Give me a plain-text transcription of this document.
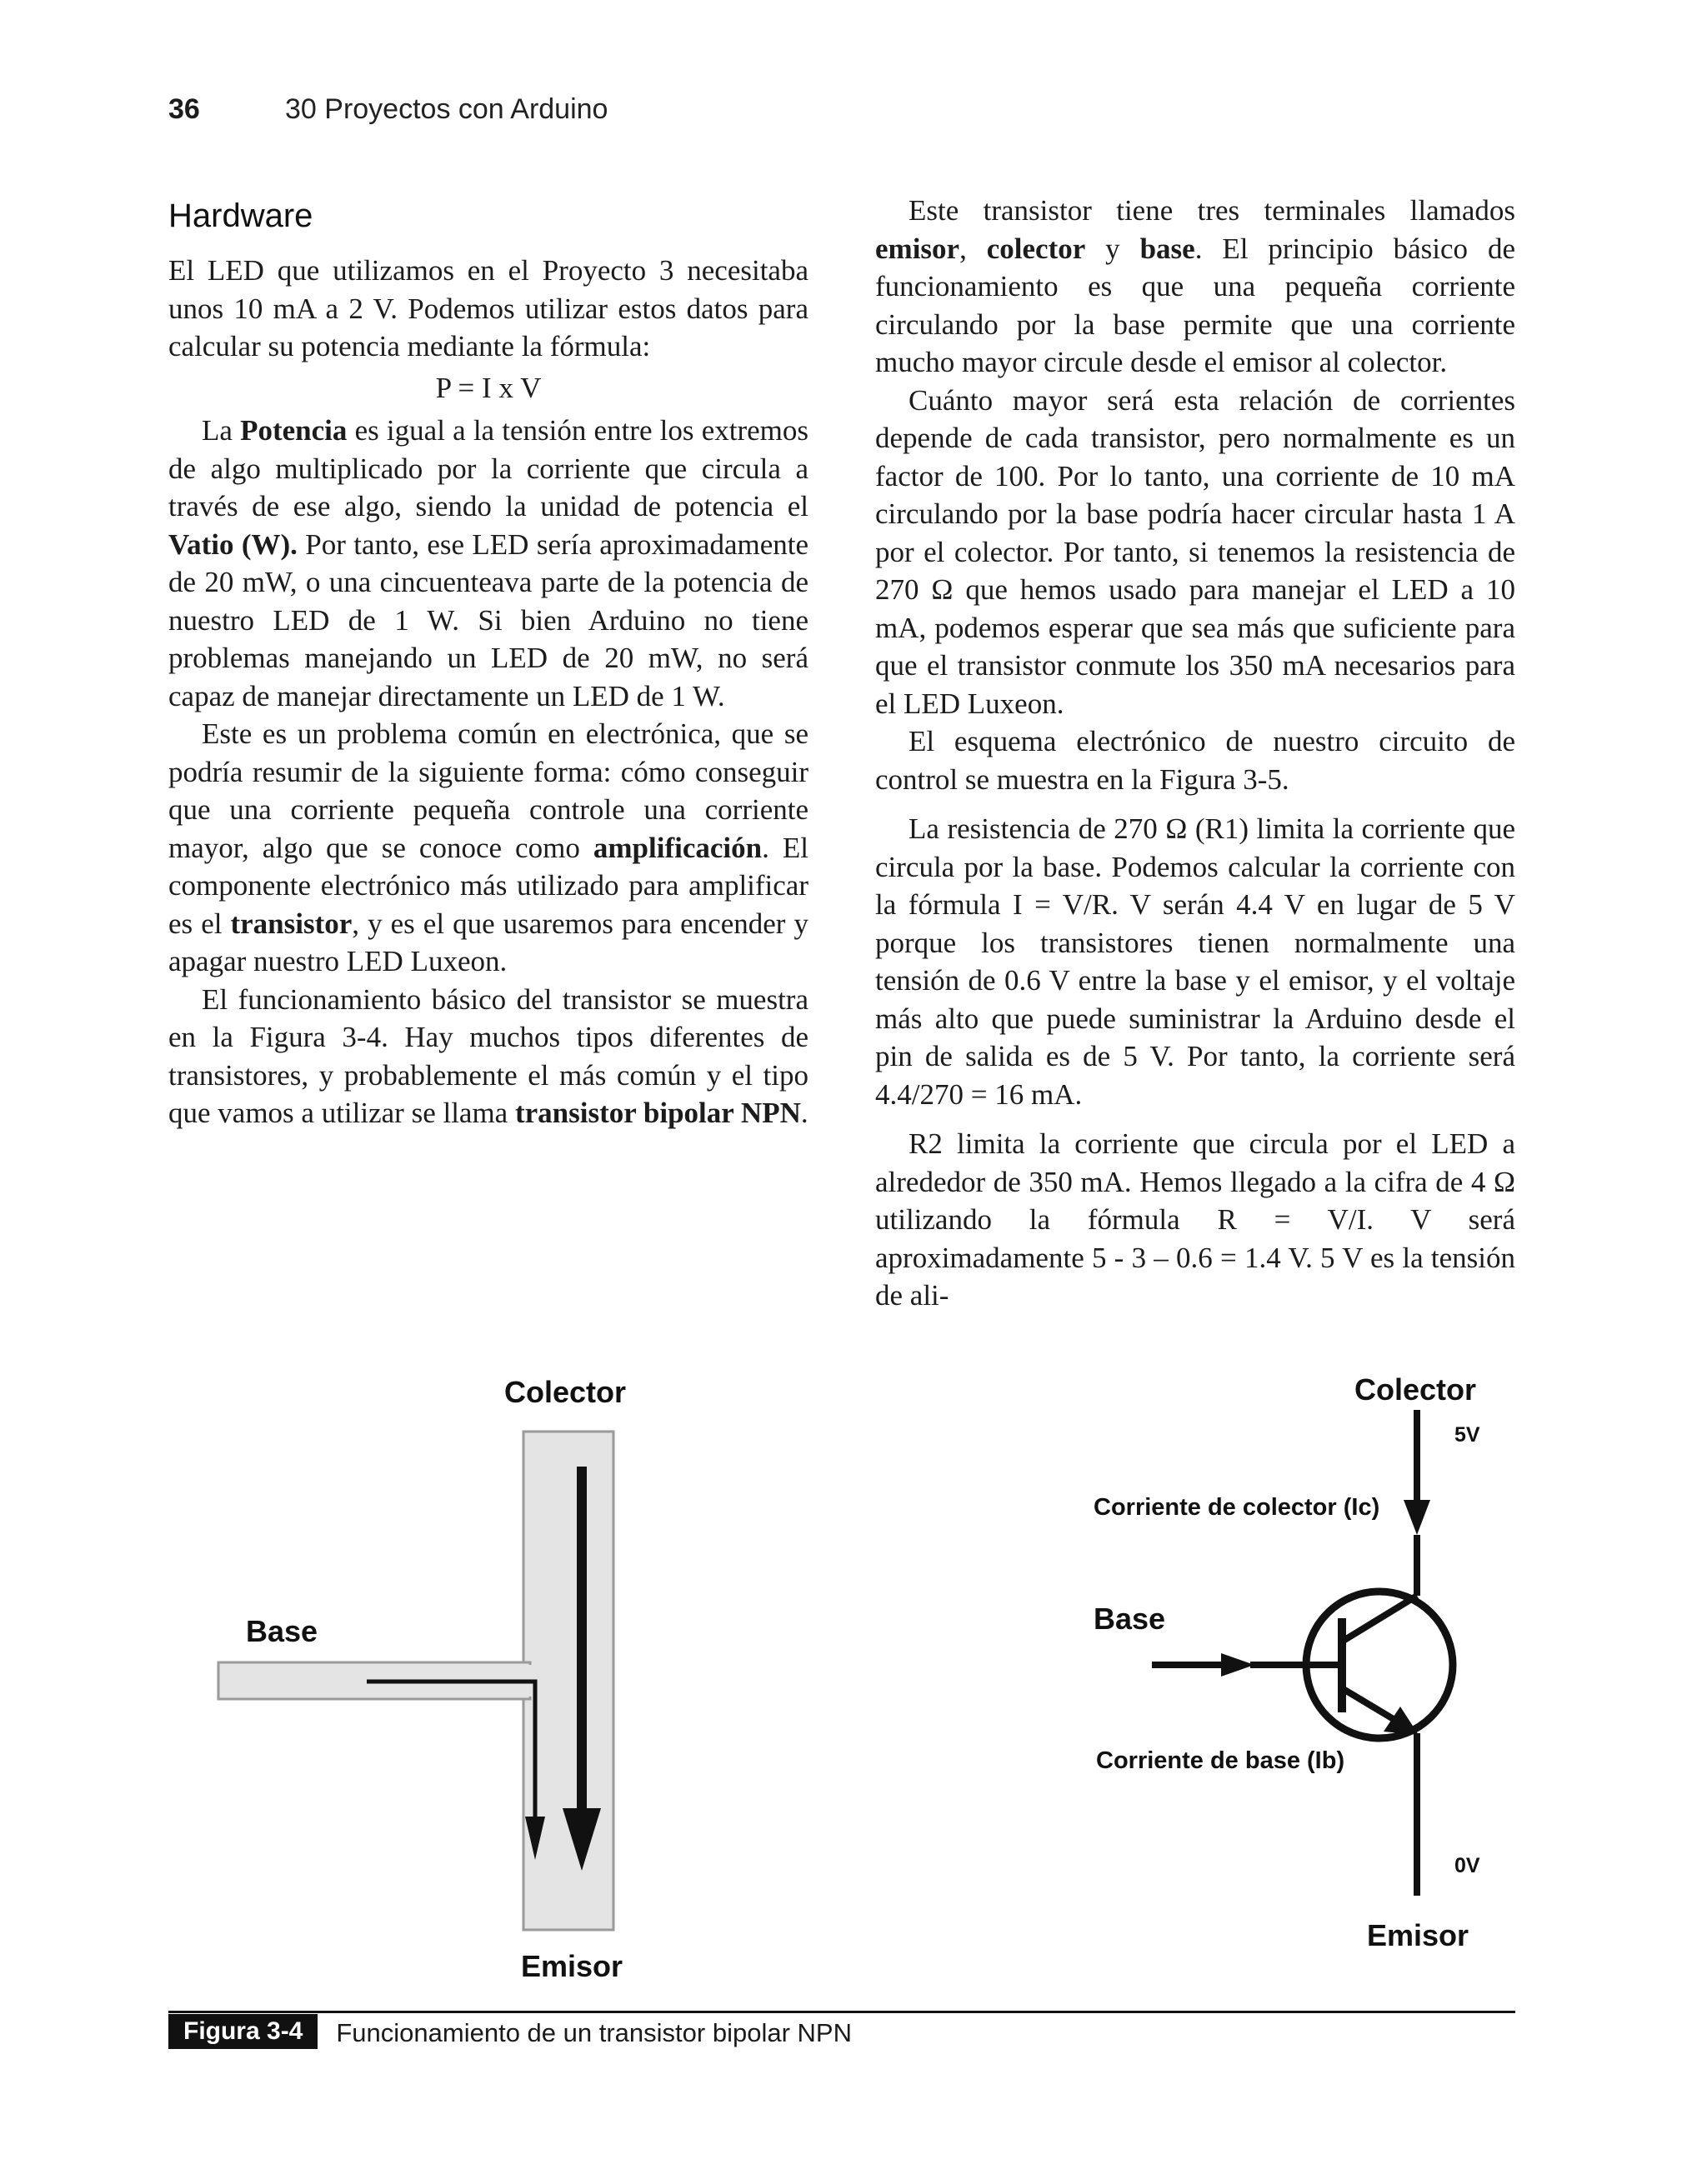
36	30 Proyectos con Arduino
Hardware

El LED que utilizamos en el Proyecto 3 necesitaba unos 10 mA a 2 V. Podemos utilizar estos datos para calcular su potencia mediante la fórmula:

P = I x V

La Potencia es igual a la tensión entre los extremos de algo multiplicado por la corriente que circula a través de ese algo, siendo la unidad de potencia el Vatio (W). Por tanto, ese LED sería aproximadamente de 20 mW, o una cincuenteava parte de la potencia de nuestro LED de 1 W. Si bien Arduino no tiene problemas manejando un LED de 20 mW, no será capaz de manejar directamente un LED de 1 W.

Este es un problema común en electrónica, que se podría resumir de la siguiente forma: cómo conseguir que una corriente pequeña controle una corriente mayor, algo que se conoce como amplificación. El componente electrónico más utilizado para amplificar es el transistor, y es el que usaremos para encender y apagar nuestro LED Luxeon.

El funcionamiento básico del transistor se muestra en la Figura 3-4. Hay muchos tipos diferentes de transistores, y probablemente el más común y el tipo que vamos a utilizar se llama transistor bipolar NPN.

Este transistor tiene tres terminales llamados emisor, colector y base. El principio básico de funcionamiento es que una pequeña corriente circulando por la base permite que una corriente mucho mayor circule desde el emisor al colector.

Cuánto mayor será esta relación de corrientes depende de cada transistor, pero normalmente es un factor de 100. Por lo tanto, una corriente de 10 mA circulando por la base podría hacer circular hasta 1 A por el colector. Por tanto, si tenemos la resistencia de 270 Ω que hemos usado para manejar el LED a 10 mA, podemos esperar que sea más que suficiente para que el transistor conmute los 350 mA necesarios para el LED Luxeon.

El esquema electrónico de nuestro circuito de control se muestra en la Figura 3-5.

La resistencia de 270 Ω (R1) limita la corriente que circula por la base. Podemos calcular la corriente con la fórmula I = V/R. V serán 4.4 V en lugar de 5 V porque los transistores tienen normalmente una tensión de 0.6 V entre la base y el emisor, y el voltaje más alto que puede suministrar la Arduino desde el pin de salida es de 5 V. Por tanto, la corriente será 4.4/270 = 16 mA.

R2 limita la corriente que circula por el LED a alrededor de 350 mA. Hemos llegado a la cifra de 4 Ω utilizando la fórmula R = V/I. V será aproximadamente 5 - 3 – 0.6 = 1.4 V. 5 V es la tensión de ali-

Colector
Base
Emisor
Colector
5V
Corriente de colector (Ic)
Base
Corriente de base (Ib)
0V
Emisor
Figura 3-4	Funcionamiento de un transistor bipolar NPN
